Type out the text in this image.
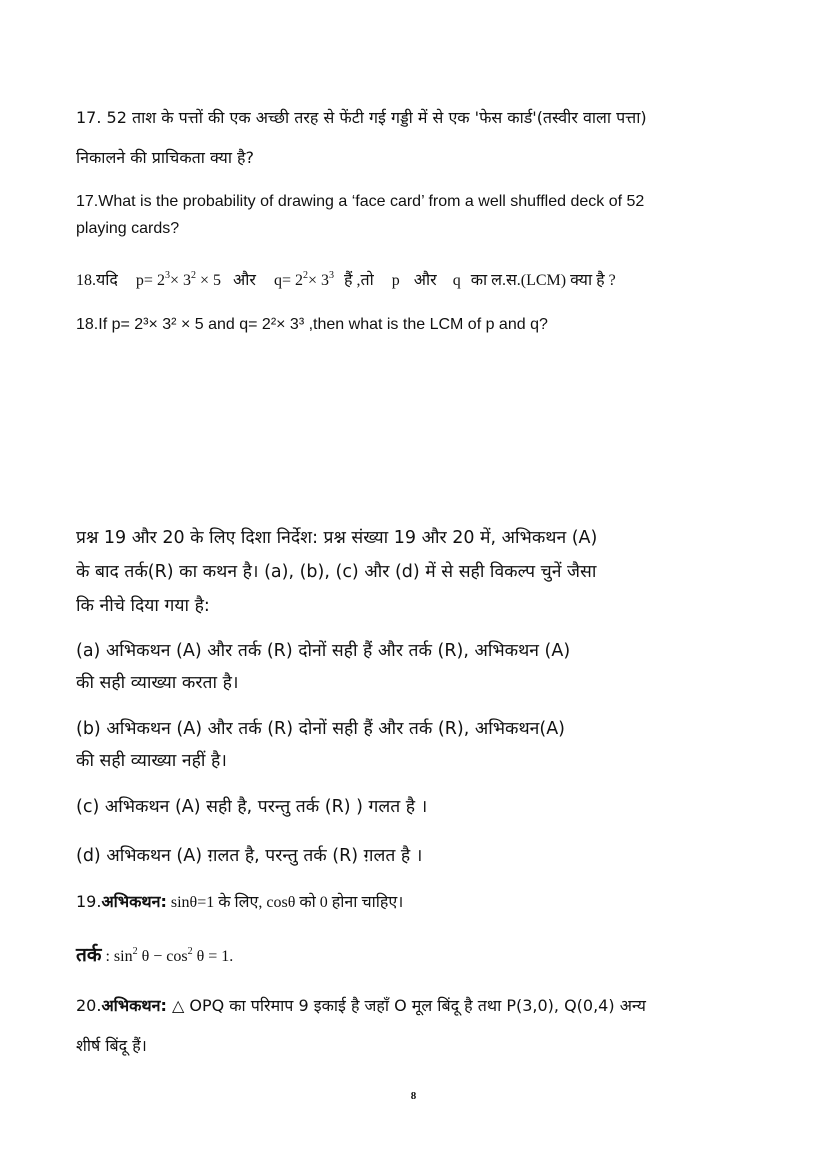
17. 52 ताश के पत्तों की एक अच्छी तरह से फेंटी गई गड्डी में से एक 'फेस कार्ड'(तस्वीर वाला पत्ता)
निकालने की प्राचिकता क्या है?
17.What is the probability of drawing a ‘face card’ from a well shuffled deck of 52
playing cards?
18.यदि $p= 2^3\times 3^2 \times 5$ और $q= 2^2\times 3^3$ हैं ,तो p और q का ल.स.(LCM) क्या है ?
18.If p= 2³× 3² × 5 and q= 2²× 3³ ,then what is the LCM of p and q?
प्रश्न 19 और 20 के लिए दिशा निर्देश: प्रश्न संख्या 19 और 20 में, अभिकथन (A)
के बाद तर्क(R) का कथन है। (a), (b), (c) और (d) में से सही विकल्प चुनें जैसा
कि नीचे दिया गया है:
(a) अभिकथन (A) और तर्क (R) दोनों सही हैं और तर्क (R), अभिकथन (A)
की सही व्याख्या करता है।
(b) अभिकथन (A) और तर्क (R) दोनों सही हैं और तर्क (R), अभिकथन(A)
की सही व्याख्या नहीं है।
(c) अभिकथन (A) सही है, परन्तु तर्क (R) ) गलत है ।
(d) अभिकथन (A) ग़लत है, परन्तु तर्क (R) ग़लत है ।
19.अभिकथन: sinθ=1 के लिए, cosθ को 0 होना चाहिए।
तर्क : $\sin^2 \theta - \cos^2 \theta = 1$.
20.अभिकथन: △ OPQ का परिमाप 9 इकाई है जहाँ O मूल बिंदू है तथा P(3,0), Q(0,4) अन्य
शीर्ष बिंदू हैं।
8
